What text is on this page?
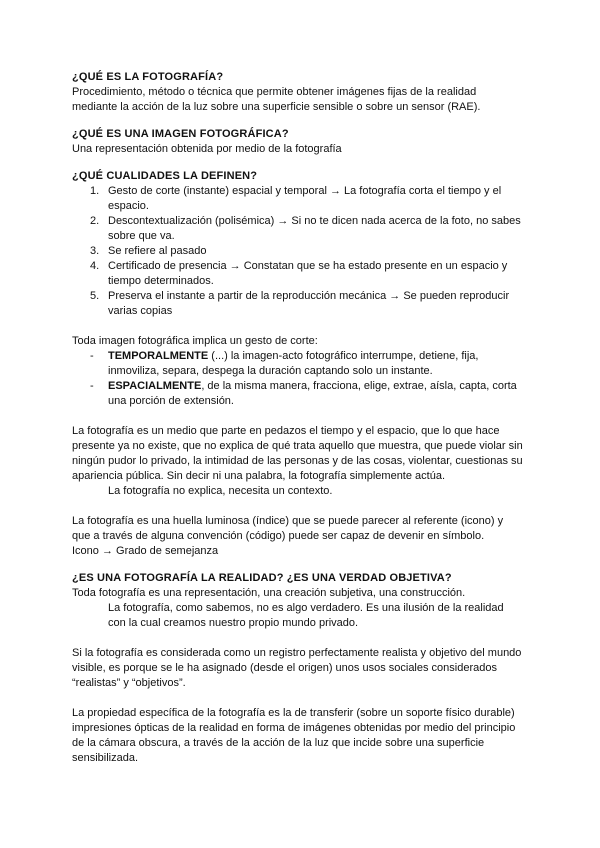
¿QUÉ ES LA FOTOGRAFÍA?

Procedimiento, método o técnica que permite obtener imágenes fijas de la realidad

mediante la acción de la luz sobre una superficie sensible o sobre un sensor (RAE).

¿QUÉ ES UNA IMAGEN FOTOGRÁFICA?

Una representación obtenida por medio de la fotografía

¿QUÉ CUALIDADES LA DEFINEN?

1. Gesto de corte (instante) espacial y temporal → La fotografía corta el tiempo y el
espacio.
2. Descontextualización (polisémica) → Si no te dicen nada acerca de la foto, no sabes
sobre que va.
3. Se refiere al pasado
4. Certificado de presencia → Constatan que se ha estado presente en un espacio y
tiempo determinados.
5. Preserva el instante a partir de la reproducción mecánica → Se pueden reproducir
varias copias

Toda imagen fotográfica implica un gesto de corte:

- TEMPORALMENTE (...) la imagen-acto fotográfico interrumpe, detiene, fija,
inmoviliza, separa, despega la duración captando solo un instante.
- ESPACIALMENTE, de la misma manera, fracciona, elige, extrae, aísla, capta, corta
una porción de extensión.

La fotografía es un medio que parte en pedazos el tiempo y el espacio, que lo que hace

presente ya no existe, que no explica de qué trata aquello que muestra, que puede violar sin

ningún pudor lo privado, la intimidad de las personas y de las cosas, violentar, cuestionas su

apariencia pública. Sin decir ni una palabra, la fotografía simplemente actúa.

La fotografía no explica, necesita un contexto.

La fotografía es una huella luminosa (índice) que se puede parecer al referente (icono) y

que a través de alguna convención (código) puede ser capaz de devenir en símbolo.

Icono → Grado de semejanza

¿ES UNA FOTOGRAFÍA LA REALIDAD? ¿ES UNA VERDAD OBJETIVA?

Toda fotografía es una representación, una creación subjetiva, una construcción.

La fotografía, como sabemos, no es algo verdadero. Es una ilusión de la realidad

con la cual creamos nuestro propio mundo privado.

Si la fotografía es considerada como un registro perfectamente realista y objetivo del mundo

visible, es porque se le ha asignado (desde el origen) unos usos sociales considerados

“realistas” y “objetivos”.

La propiedad específica de la fotografía es la de transferir (sobre un soporte físico durable)

impresiones ópticas de la realidad en forma de imágenes obtenidas por medio del principio

de la cámara obscura, a través de la acción de la luz que incide sobre una superficie

sensibilizada.
